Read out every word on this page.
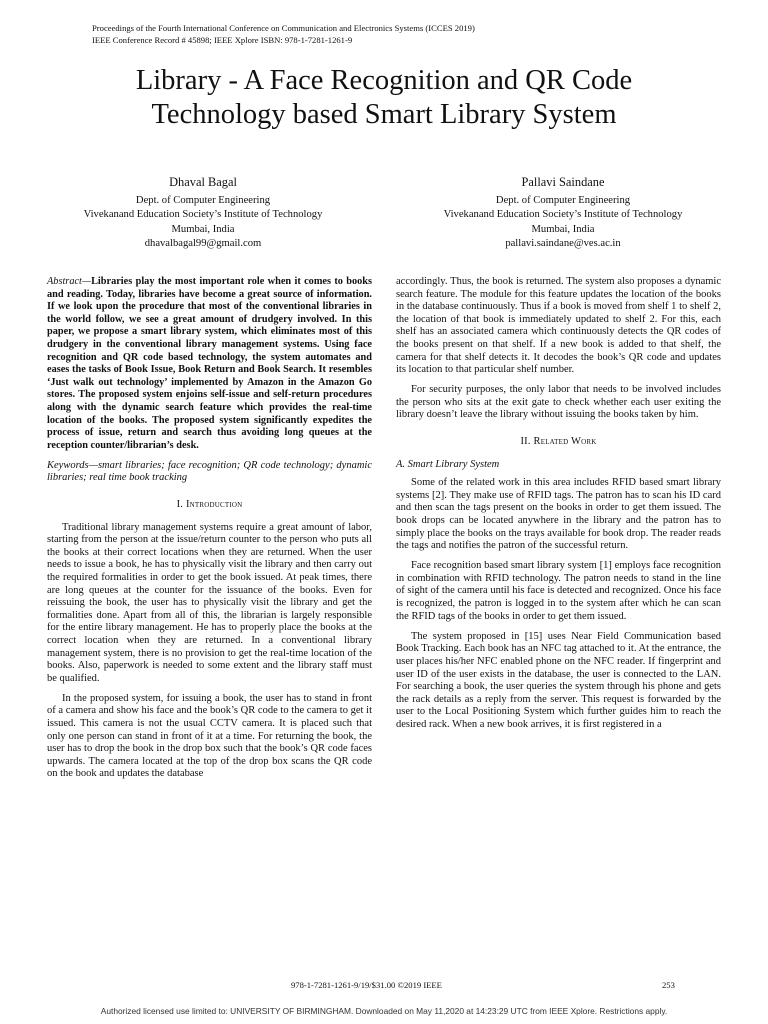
Proceedings of the Fourth International Conference on Communication and Electronics Systems (ICCES 2019)
IEEE Conference Record # 45898; IEEE Xplore ISBN: 978-1-7281-1261-9
Library - A Face Recognition and QR Code
Technology based Smart Library System
Dhaval Bagal
Dept. of Computer Engineering
Vivekanand Education Society’s Institute of Technology
Mumbai, India
dhavalbagal99@gmail.com
Pallavi Saindane
Dept. of Computer Engineering
Vivekanand Education Society’s Institute of Technology
Mumbai, India
pallavi.saindane@ves.ac.in

Abstract—Libraries play the most important role when it comes to books and reading. Today, libraries have become a great source of information. If we look upon the procedure that most of the conventional libraries in the world follow, we see a great amount of drudgery involved. In this paper, we propose a smart library system, which eliminates most of this drudgery in the conventional library management systems. Using face recognition and QR code based technology, the system automates and eases the tasks of Book Issue, Book Return and Book Search. It resembles ‘Just walk out technology’ implemented by Amazon in the Amazon Go stores. The proposed system enjoins self-issue and self-return procedures along with the dynamic search feature which provides the real-time location of the books. The proposed system significantly expedites the process of issue, return and search thus avoiding long queues at the reception counter/librarian’s desk.

Keywords—smart libraries; face recognition; QR code technology; dynamic libraries; real time book tracking

I. Introduction

Traditional library management systems require a great amount of labor, starting from the person at the issue/return counter to the person who puts all the books at their correct locations when they are returned. When the user needs to issue a book, he has to physically visit the library and then carry out the required formalities in order to get the book issued. At peak times, there are long queues at the counter for the issuance of the books. Even for reissuing the book, the user has to physically visit the library and get the formalities done. Apart from all of this, the librarian is largely responsible for the entire library management. He has to properly place the books at the correct location when they are returned. In a conventional library management system, there is no provision to get the real-time location of the books. Also, paperwork is needed to some extent and the library staff must be qualified.

In the proposed system, for issuing a book, the user has to stand in front of a camera and show his face and the book’s QR code to the camera to get it issued. This camera is not the usual CCTV camera. It is placed such that only one person can stand in front of it at a time. For returning the book, the user has to drop the book in the drop box such that the book’s QR code faces upwards. The camera located at the top of the drop box scans the QR code on the book and updates the database

accordingly. Thus, the book is returned. The system also proposes a dynamic search feature. The module for this feature updates the location of the books in the database continuously. Thus if a book is moved from shelf 1 to shelf 2, the location of that book is immediately updated to shelf 2. For this, each shelf has an associated camera which continuously detects the QR codes of the books present on that shelf. If a new book is added to that shelf, the camera for that shelf detects it. It decodes the book’s QR code and updates its location to that particular shelf number.

For security purposes, the only labor that needs to be involved includes the person who sits at the exit gate to check whether each user exiting the library doesn’t leave the library without issuing the books taken by him.

II. Related Work
A. Smart Library System

Some of the related work in this area includes RFID based smart library systems [2]. They make use of RFID tags. The patron has to scan his ID card and then scan the tags present on the books in order to get them issued. The book drops can be located anywhere in the library and the patron has to simply place the books on the trays available for book drop. The reader reads the tags and notifies the patron of the successful return.

Face recognition based smart library system [1] employs face recognition in combination with RFID technology. The patron needs to stand in the line of sight of the camera until his face is detected and recognized. Once his face is recognized, the patron is logged in to the system after which he can scan the RFID tags of the books in order to get them issued.

The system proposed in [15] uses Near Field Communication based Book Tracking. Each book has an NFC tag attached to it. At the entrance, the user places his/her NFC enabled phone on the NFC reader. If fingerprint and user ID of the user exists in the database, the user is connected to the LAN. For searching a book, the user queries the system through his phone and gets the rack details as a reply from the server. This request is forwarded by the user to the Local Positioning System which further guides him to reach the desired rack. When a new book arrives, it is first registered in a

978-1-7281-1261-9/19/$31.00 ©2019 IEEE	253
Authorized licensed use limited to: UNIVERSITY OF BIRMINGHAM. Downloaded on May 11,2020 at 14:23:29 UTC from IEEE Xplore. Restrictions apply.
